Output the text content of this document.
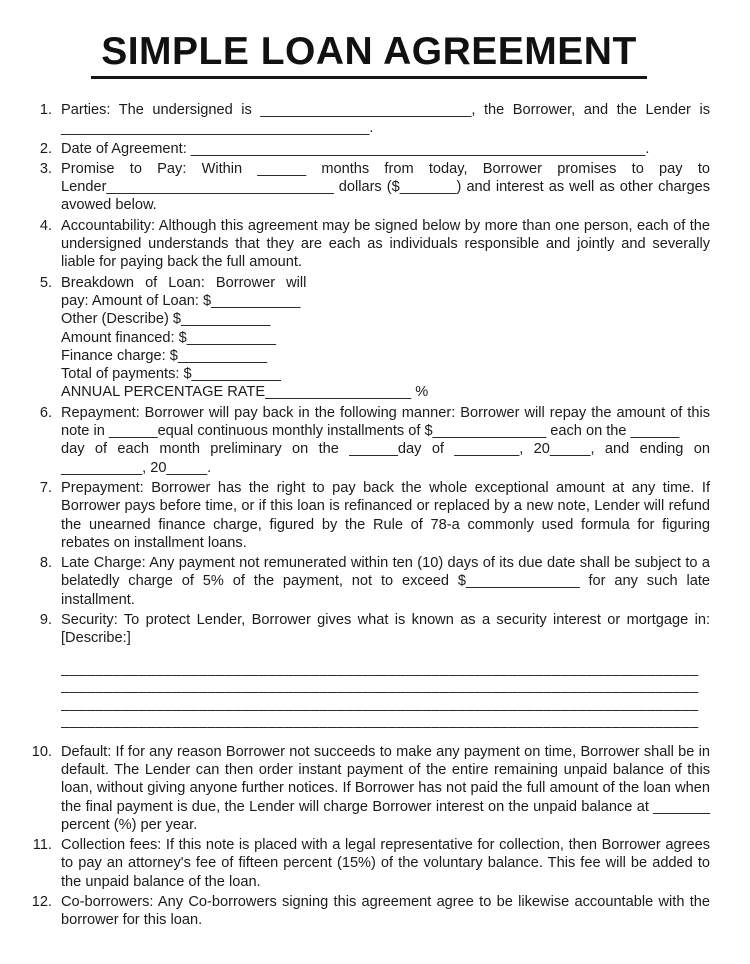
SIMPLE LOAN AGREEMENT
1. Parties: The undersigned is __________________________, the Borrower, and the Lender is ______________________________________.

2. Date of Agreement: ________________________________________________________.

3. Promise to Pay: Within ______ months from today, Borrower promises to pay to Lender____________________________ dollars ($_______) and interest as well as other charges avowed below.

4. Accountability: Although this agreement may be signed below by more than one person, each of the undersigned understands that they are each as individuals responsible and jointly and severally liable for paying back the full amount.

5. Breakdown of Loan: Borrower will
pay: Amount of Loan: $___________
Other (Describe) $___________
Amount financed: $___________
Finance charge: $___________
Total of payments: $___________
ANNUAL PERCENTAGE RATE__________________ %
6. Repayment: Borrower will pay back in the following manner: Borrower will repay the amount of this note in ______equal continuous monthly installments of $______________ each on the ______

day of each month preliminary on the ______day of ________, 20_____, and ending on __________, 20_____.

7. Prepayment: Borrower has the right to pay back the whole exceptional amount at any time. If Borrower pays before time, or if this loan is refinanced or replaced by a new note, Lender will refund the unearned finance charge, figured by the Rule of 78-a commonly used formula for figuring rebates on installment loans.

8. Late Charge: Any payment not remunerated within ten (10) days of its due date shall be subject to a belatedly charge of 5% of the payment, not to exceed $______________ for any such late installment.

9. Security: To protect Lender, Borrower gives what is known as a security interest or mortgage in: [Describe:]

__________________________________________________________________________
__________________________________________________________________________
__________________________________________________________________________
__________________________________________________________________________
10. Default: If for any reason Borrower not succeeds to make any payment on time, Borrower shall be in default. The Lender can then order instant payment of the entire remaining unpaid balance of this loan, without giving anyone further notices. If Borrower has not paid the full amount of the loan when the final payment is due, the Lender will charge Borrower interest on the unpaid balance at _______ percent (%) per year.

11. Collection fees: If this note is placed with a legal representative for collection, then Borrower agrees to pay an attorney's fee of fifteen percent (15%) of the voluntary balance. This fee will be added to the unpaid balance of the loan.

12. Co-borrowers: Any Co-borrowers signing this agreement agree to be likewise accountable with the borrower for this loan.
